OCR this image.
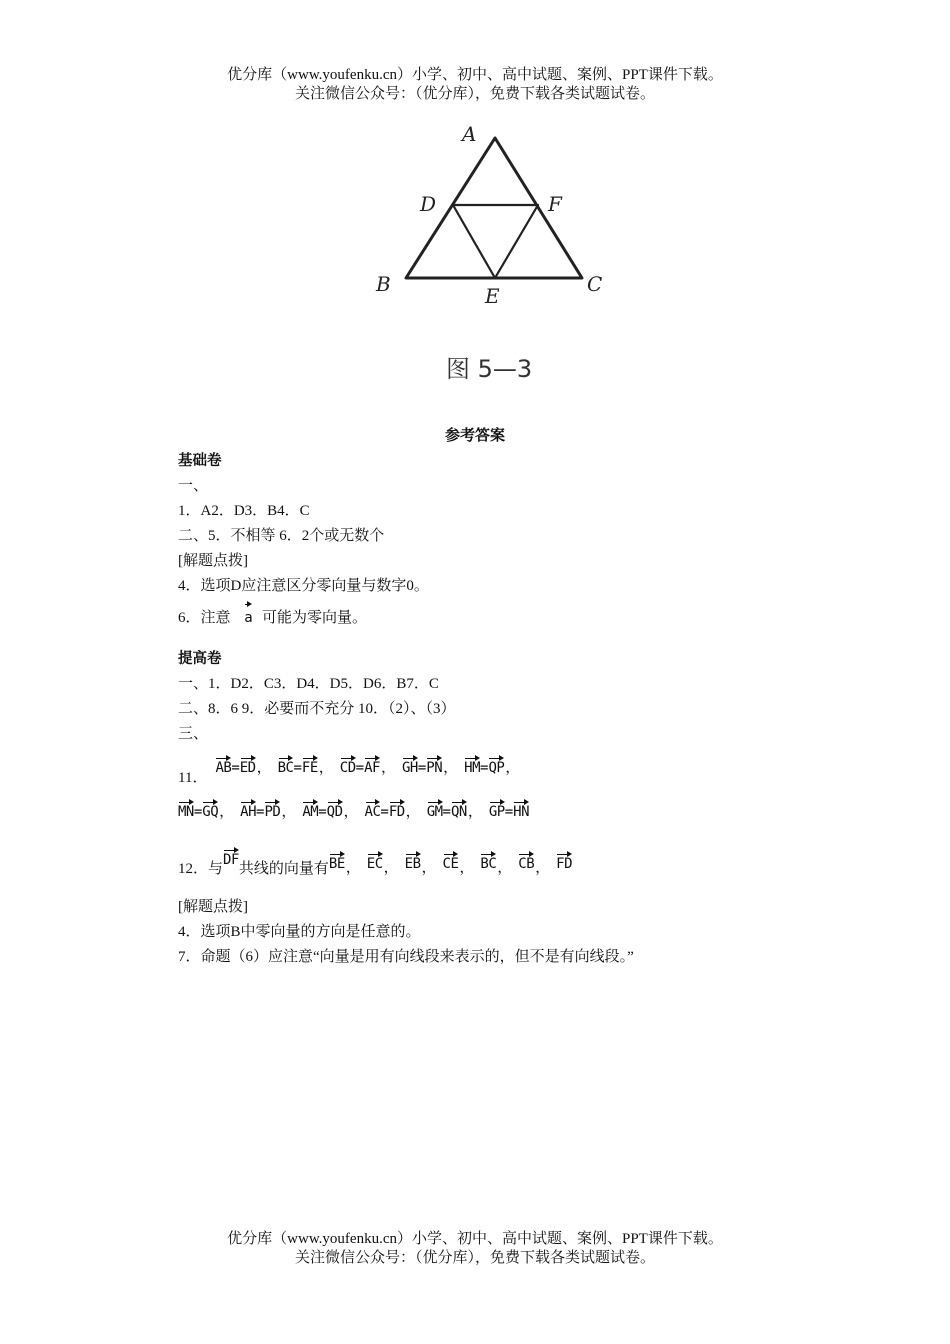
优分库（www.youfenku.cn）小学、初中、高中试题、案例、PPT课件下载。
关注微信公众号：（优分库），免费下载各类试题试卷。
A
D	F
B	E	C
图 5—3
参考答案
基础卷
一、
1．A2．D3．B4．C
二、5．不相等 6．2个或无数个
[解题点拨]
4．选项D应注意区分零向量与数字0。
6．注意 a 可能为零向量。
提高卷
一、1．D2．C3．D4．D5．D6．B7．C
二、8．6 9．必要而不充分 10．（2）、（3）
三、
11．AB=ED， BC=FE， CD=AF， GH=PN， HM=QP，
MN=GQ， AH=PD， AM=QD， AC=FD， GM=QN， GP=HN
12．与DF共线的向量有BE， EC， EB， CE， BC， CB， FD
[解题点拨]
4．选项B中零向量的方向是任意的。
7．命题（6）应注意“向量是用有向线段来表示的，但不是有向线段。”
优分库（www.youfenku.cn）小学、初中、高中试题、案例、PPT课件下载。
关注微信公众号：（优分库），免费下载各类试题试卷。
